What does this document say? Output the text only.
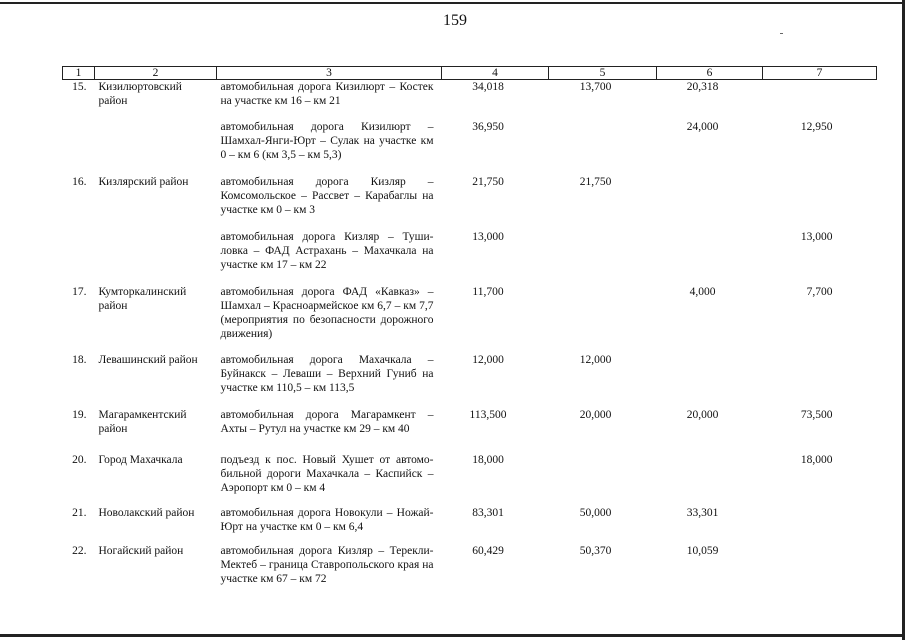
159
1	2	3	4	5	6	7
15.	Кизилюртовский район	автомобильная дорога Кизилюрт – Костек на участке км 16 – км 21	34,018	13,700	20,318	
		автомобильная дорога Кизилюрт – Шамхал-Янги-Юрт – Сулак на участке км 0 – км 6 (км 3,5 – км 5,3)	36,950		24,000	12,950
16.	Кизлярский район	автомобильная дорога Кизляр – Комсомольское – Рассвет – Карабаглы на участке км 0 – км 3	21,750	21,750		
		автомобильная дорога Кизляр – Туши-ловка – ФАД Астрахань – Махачкала на участке км 17 – км 22	13,000			13,000
17.	Кумторкалинский район	автомобильная дорога ФАД «Кавказ» – Шамхал – Красноармейское км 6,7 – км 7,7 (мероприятия по безопасности дорожного движения)	11,700		4,000	7,700
18.	Левашинский район	автомобильная дорога Махачкала – Буйнакск – Леваши – Верхний Гуниб на участке км 110,5 – км 113,5	12,000	12,000		
19.	Магарамкентский район	автомобильная дорога Магарамкент – Ахты – Рутул на участке км 29 – км 40	113,500	20,000	20,000	73,500
20.	Город Махачкала	подъезд к пос. Новый Хушет от автомо-бильной дороги Махачкала – Каспийск – Аэропорт км 0 – км 4	18,000			18,000
21.	Новолакский район	автомобильная дорога Новокули – Ножай-Юрт на участке км 0 – км 6,4	83,301	50,000	33,301	
22.	Ногайский район	автомобильная дорога Кизляр – Терекли-Мектеб – граница Ставропольского края на участке км 67 – км 72	60,429	50,370	10,059	
